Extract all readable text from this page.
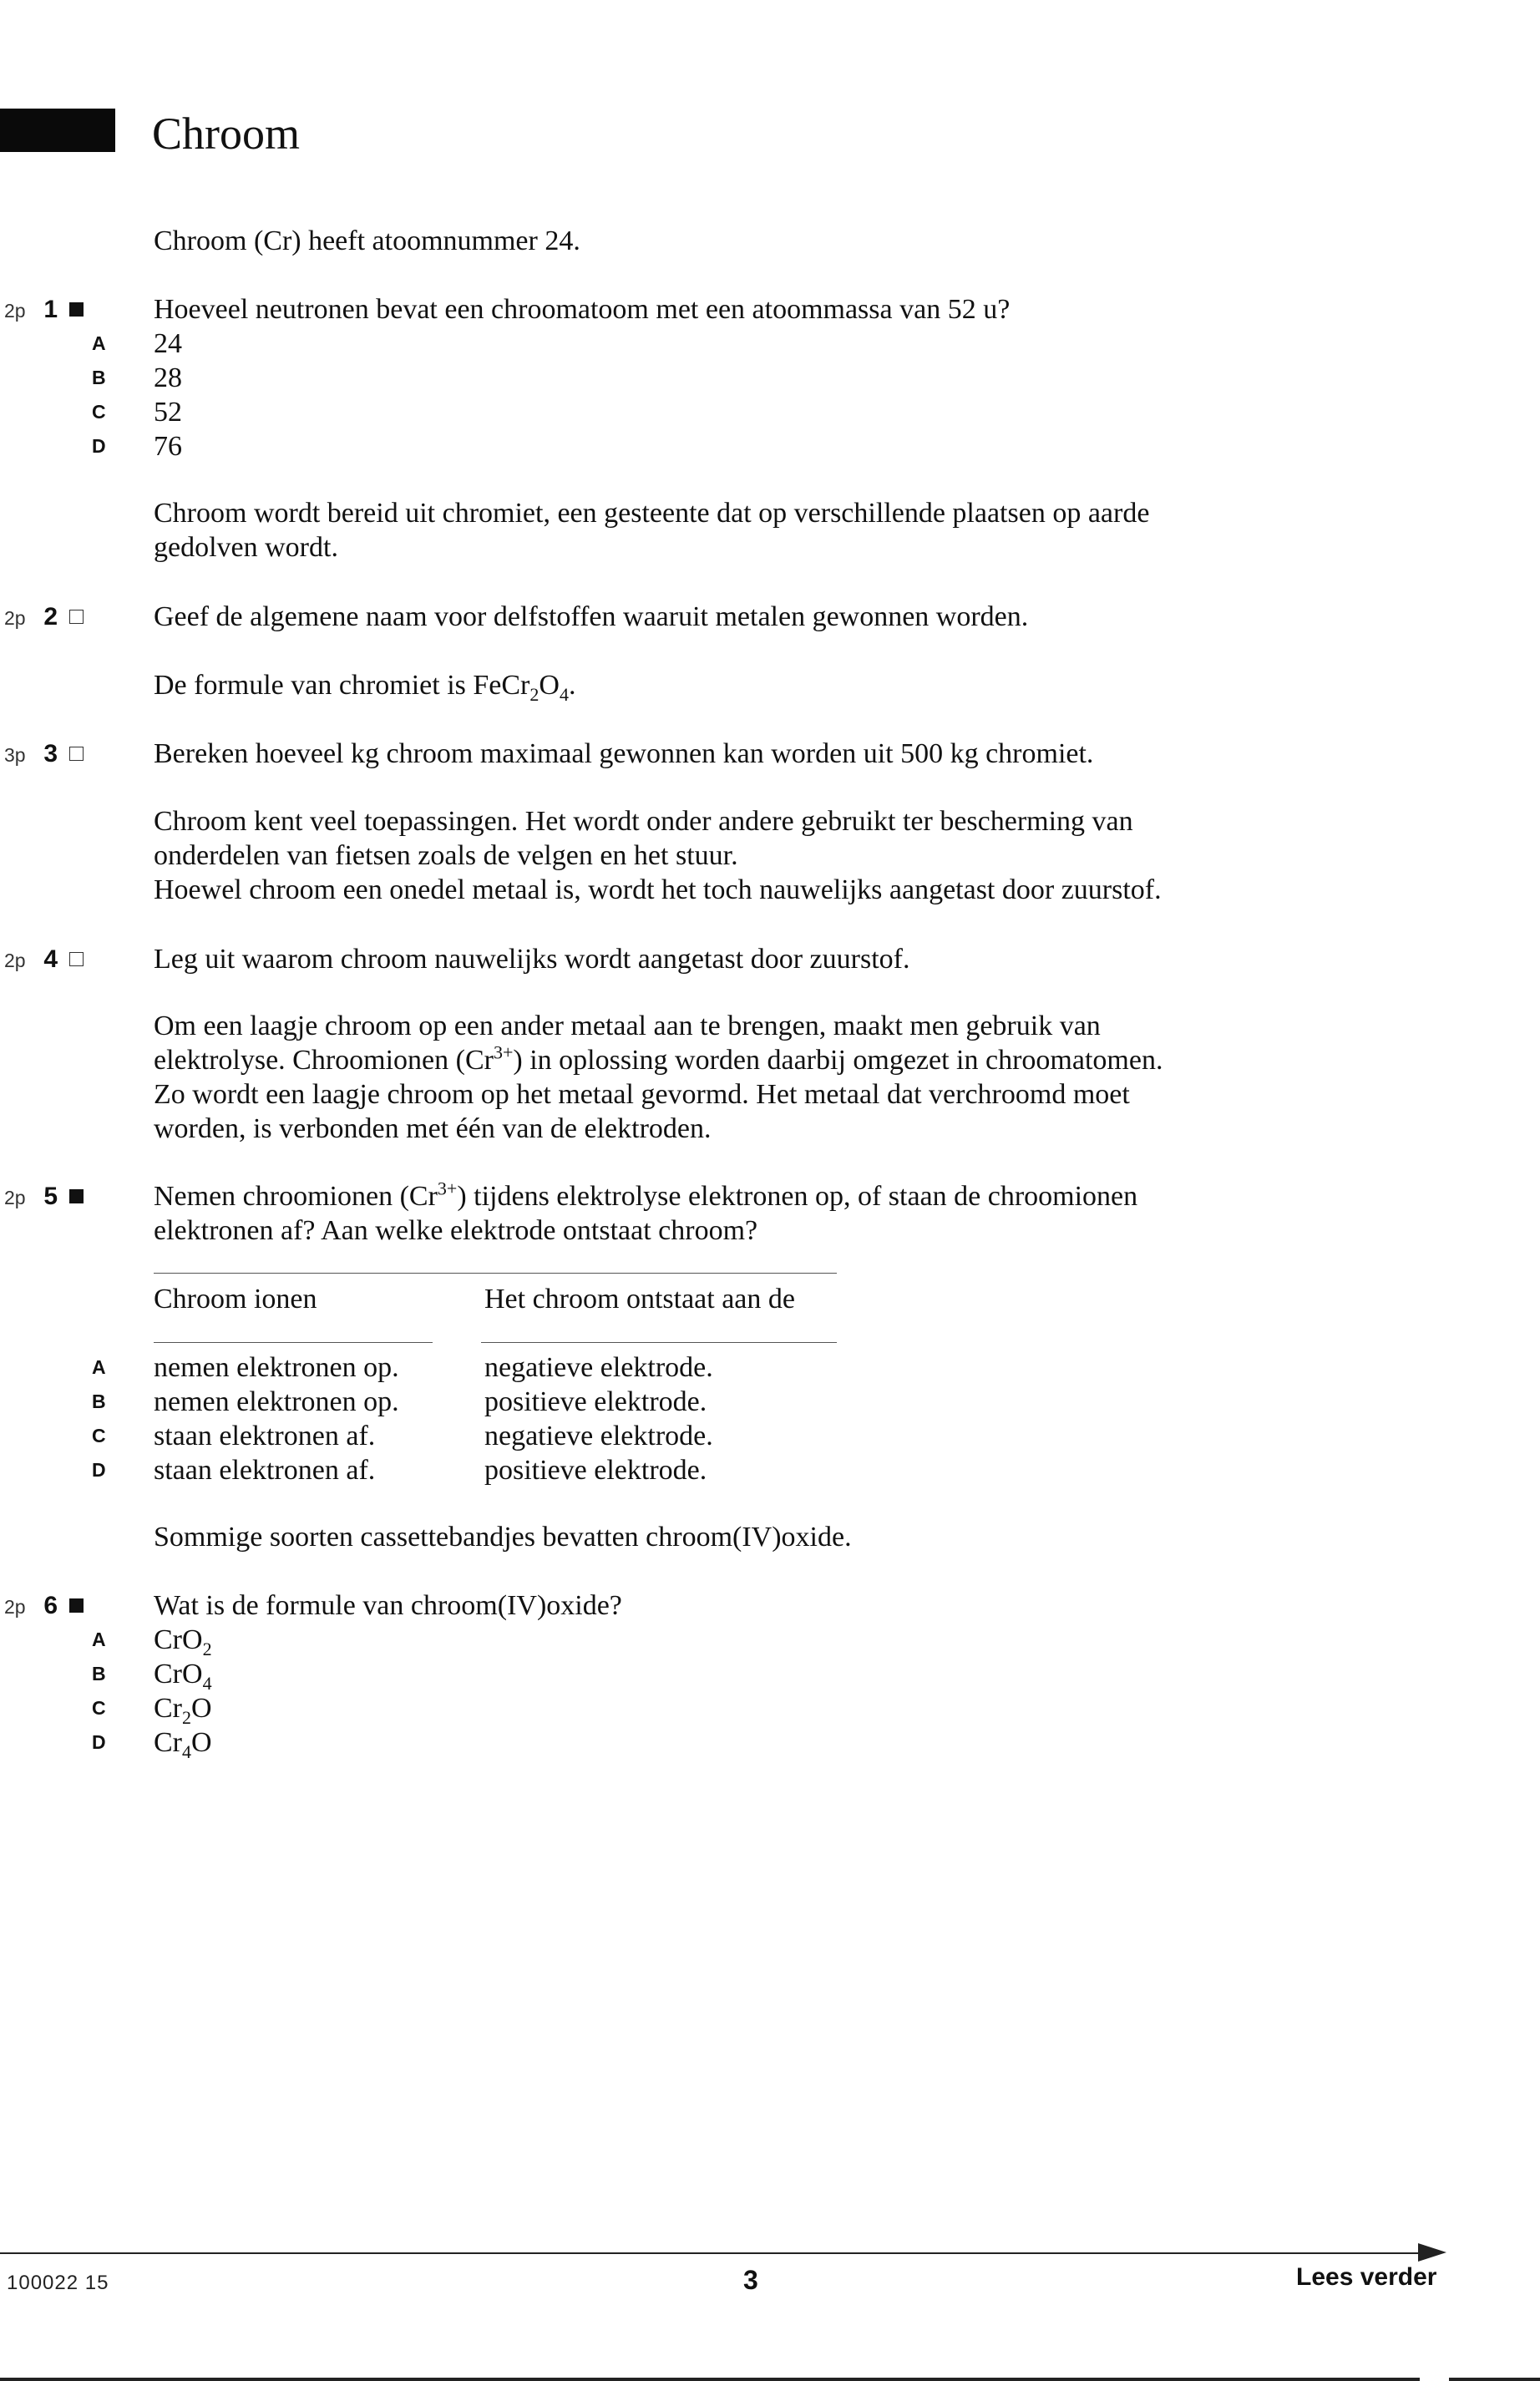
Chroom
Chroom (Cr) heeft atoomnummer 24.
2p 1	Hoeveel neutronen bevat een chroomatoom met een atoommassa van 52 u?
A	24
B	28
C	52
D	76
Chroom wordt bereid uit chromiet, een gesteente dat op verschillende plaatsen op aarde
gedolven wordt.
2p 2	Geef de algemene naam voor delfstoffen waaruit metalen gewonnen worden.
De formule van chromiet is $FeCr_2O_4$.
3p 3	Bereken hoeveel kg chroom maximaal gewonnen kan worden uit 500 kg chromiet.
Chroom kent veel toepassingen. Het wordt onder andere gebruikt ter bescherming van
onderdelen van fietsen zoals de velgen en het stuur.
Hoewel chroom een onedel metaal is, wordt het toch nauwelijks aangetast door zuurstof.
2p 4	Leg uit waarom chroom nauwelijks wordt aangetast door zuurstof.
Om een laagje chroom op een ander metaal aan te brengen, maakt men gebruik van
elektrolyse. Chroomionen $(Cr^{3+})$ in oplossing worden daarbij omgezet in chroomatomen.
Zo wordt een laagje chroom op het metaal gevormd. Het metaal dat verchroomd moet
worden, is verbonden met één van de elektroden.
2p 5	Nemen chroomionen $(Cr^{3+})$ tijdens elektrolyse elektronen op, of staan de chroomionen
elektronen af? Aan welke elektrode ontstaat chroom?
Chroom ionen	Het chroom ontstaat aan de
A	nemen elektronen op.	negatieve elektrode.
B	nemen elektronen op.	positieve elektrode.
C	staan elektronen af.	negatieve elektrode.
D	staan elektronen af.	positieve elektrode.
Sommige soorten cassettebandjes bevatten chroom(IV)oxide.
2p 6	Wat is de formule van chroom(IV)oxide?
A	CrO$_2$
B	CrO$_4$
C	$Cr_2O$
D	$Cr_4O$
100022 15	3	Lees verder
